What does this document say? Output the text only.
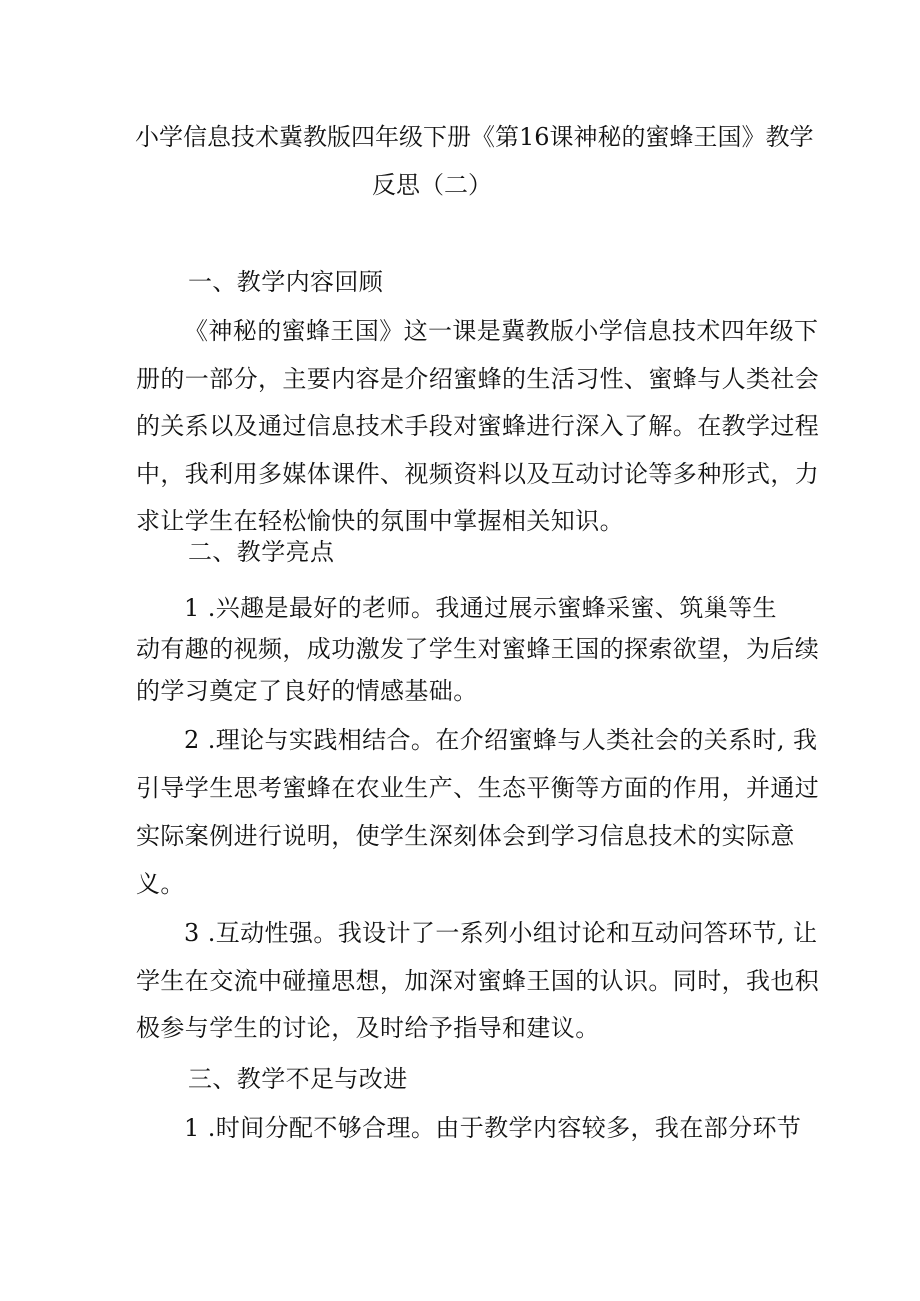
小学信息技术冀教版四年级下册《第16课神秘的蜜蜂王国》教学
反思（二）
一、教学内容回顾
《神秘的蜜蜂王国》这一课是冀教版小学信息技术四年级下
册的一部分，主要内容是介绍蜜蜂的生活习性、蜜蜂与人类社会
的关系以及通过信息技术手段对蜜蜂进行深入了解。在教学过程
中，我利用多媒体课件、视频资料以及互动讨论等多种形式，力
求让学生在轻松愉快的氛围中掌握相关知识。
二、教学亮点
1 .兴趣是最好的老师。我通过展示蜜蜂采蜜、筑巢等生
动有趣的视频，成功激发了学生对蜜蜂王国的探索欲望，为后续
的学习奠定了良好的情感基础。
2 .理论与实践相结合。在介绍蜜蜂与人类社会的关系时, 我
引导学生思考蜜蜂在农业生产、生态平衡等方面的作用，并通过
实际案例进行说明，使学生深刻体会到学习信息技术的实际意
义。
3 .互动性强。我设计了一系列小组讨论和互动问答环节, 让
学生在交流中碰撞思想，加深对蜜蜂王国的认识。同时，我也积
极参与学生的讨论，及时给予指导和建议。
三、教学不足与改进
1 .时间分配不够合理。由于教学内容较多，我在部分环节
